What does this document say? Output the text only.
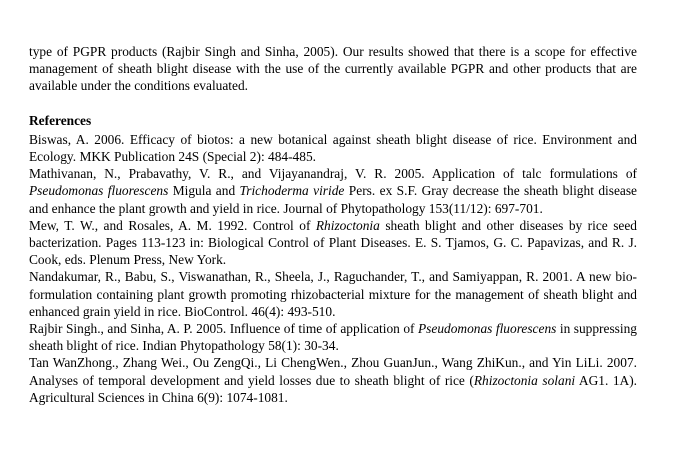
type of PGPR products (Rajbir Singh and Sinha, 2005). Our results showed that there is a scope for effective management of sheath blight disease with the use of the currently available PGPR and other products that are available under the conditions evaluated.

References

Biswas, A. 2006. Efficacy of biotos: a new botanical against sheath blight disease of rice. Environment and Ecology. MKK Publication 24S (Special 2): 484-485.

Mathivanan, N., Prabavathy, V. R., and Vijayanandraj, V. R. 2005. Application of talc formulations of Pseudomonas fluorescens Migula and Trichoderma viride Pers. ex S.F. Gray decrease the sheath blight disease and enhance the plant growth and yield in rice. Journal of Phytopathology 153(11/12): 697-701.

Mew, T. W., and Rosales, A. M. 1992. Control of Rhizoctonia sheath blight and other diseases by rice seed bacterization. Pages 113-123 in: Biological Control of Plant Diseases. E. S. Tjamos, G. C. Papavizas, and R. J. Cook, eds. Plenum Press, New York.

Nandakumar, R., Babu, S., Viswanathan, R., Sheela, J., Raguchander, T., and Samiyappan, R. 2001. A new bio-formulation containing plant growth promoting rhizobacterial mixture for the management of sheath blight and enhanced grain yield in rice. BioControl. 46(4): 493-510.

Rajbir Singh., and Sinha, A. P. 2005. Influence of time of application of Pseudomonas fluorescens in suppressing sheath blight of rice. Indian Phytopathology 58(1): 30-34.

Tan WanZhong., Zhang Wei., Ou ZengQi., Li ChengWen., Zhou GuanJun., Wang ZhiKun., and Yin LiLi. 2007. Analyses of temporal development and yield losses due to sheath blight of rice (Rhizoctonia solani AG1. 1A). Agricultural Sciences in China 6(9): 1074-1081.
